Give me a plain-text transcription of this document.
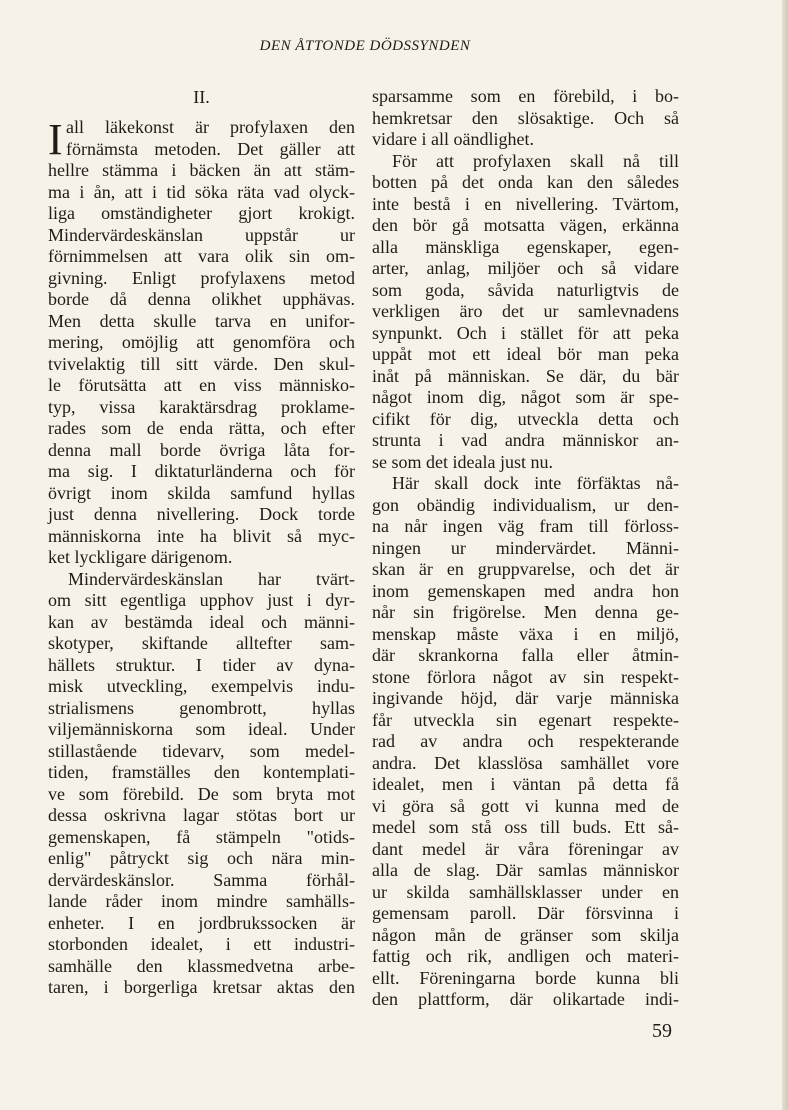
DEN ÅTTONDE DÖDSSYNDEN
II.
I all läkekonst är profylaxen den
förnämsta metoden. Det gäller att
hellre stämma i bäcken än att stäm-
ma i ån, att i tid söka räta vad olyck-
liga omständigheter gjort krokigt.
Mindervärdeskänslan uppstår ur
förnimmelsen att vara olik sin om-
givning. Enligt profylaxens metod
borde då denna olikhet upphävas.
Men detta skulle tarva en unifor-
mering, omöjlig att genomföra och
tvivelaktig till sitt värde. Den skul-
le förutsätta att en viss människo-
typ, vissa karaktärsdrag proklame-
rades som de enda rätta, och efter
denna mall borde övriga låta for-
ma sig. I diktaturländerna och för
övrigt inom skilda samfund hyllas
just denna nivellering. Dock torde
människorna inte ha blivit så myc-
ket lyckligare därigenom.
Mindervärdeskänslan har tvärt-
om sitt egentliga upphov just i dyr-
kan av bestämda ideal och männi-
skotyper, skiftande alltefter sam-
hällets struktur. I tider av dyna-
misk utveckling, exempelvis indu-
strialismens genombrott, hyllas
viljemänniskorna som ideal. Under
stillastående tidevarv, som medel-
tiden, framställes den kontemplati-
ve som förebild. De som bryta mot
dessa oskrivna lagar stötas bort ur
gemenskapen, få stämpeln "otids-
enlig" påtryckt sig och nära min-
dervärdeskänslor. Samma förhål-
lande råder inom mindre samhälls-
enheter. I en jordbrukssocken är
storbonden idealet, i ett industri-
samhälle den klassmedvetna arbe-
taren, i borgerliga kretsar aktas den
sparsamme som en förebild, i bo-
hemkretsar den slösaktige. Och så
vidare i all oändlighet.
För att profylaxen skall nå till
botten på det onda kan den således
inte bestå i en nivellering. Tvärtom,
den bör gå motsatta vägen, erkänna
alla mänskliga egenskaper, egen-
arter, anlag, miljöer och så vidare
som goda, såvida naturligtvis de
verkligen äro det ur samlevnadens
synpunkt. Och i stället för att peka
uppåt mot ett ideal bör man peka
inåt på människan. Se där, du bär
något inom dig, något som är spe-
cifikt för dig, utveckla detta och
strunta i vad andra människor an-
se som det ideala just nu.
Här skall dock inte förfäktas nå-
gon obändig individualism, ur den-
na når ingen väg fram till förloss-
ningen ur mindervärdet. Männi-
skan är en gruppvarelse, och det är
inom gemenskapen med andra hon
når sin frigörelse. Men denna ge-
menskap måste växa i en miljö,
där skrankorna falla eller åtmin-
stone förlora något av sin respekt-
ingivande höjd, där varje människa
får utveckla sin egenart respekte-
rad av andra och respekterande
andra. Det klasslösa samhället vore
idealet, men i väntan på detta få
vi göra så gott vi kunna med de
medel som stå oss till buds. Ett så-
dant medel är våra föreningar av
alla de slag. Där samlas människor
ur skilda samhällsklasser under en
gemensam paroll. Där försvinna i
någon mån de gränser som skilja
fattig och rik, andligen och materi-
ellt. Föreningarna borde kunna bli
den plattform, där olikartade indi-
59
